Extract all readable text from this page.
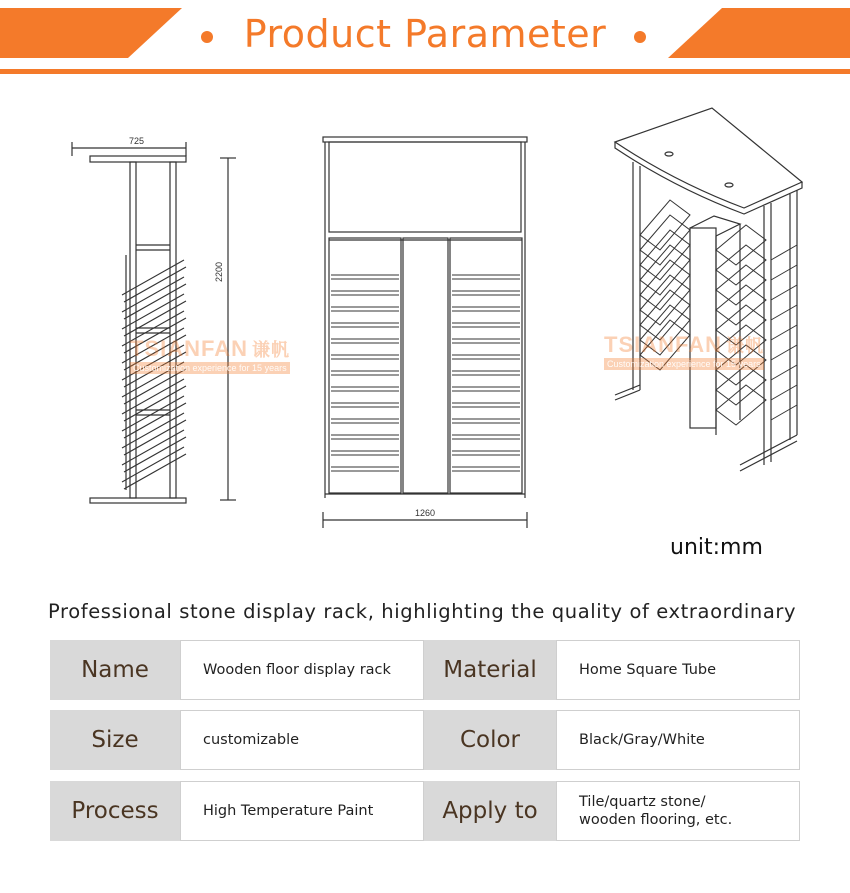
Product Parameter
725
2200
1260
TSIANFAN 谦帆
Customization experience for 15 years
TSIANFAN 谦帆
Customization experience for 15 years
unit:mm
Professional stone display rack, highlighting the quality of extraordinary
Name	Wooden floor display rack	Material	Home Square Tube
Size	customizable	Color	Black/Gray/White
Process	High Temperature Paint	Apply to	Tile/quartz stone/
wooden flooring, etc.
